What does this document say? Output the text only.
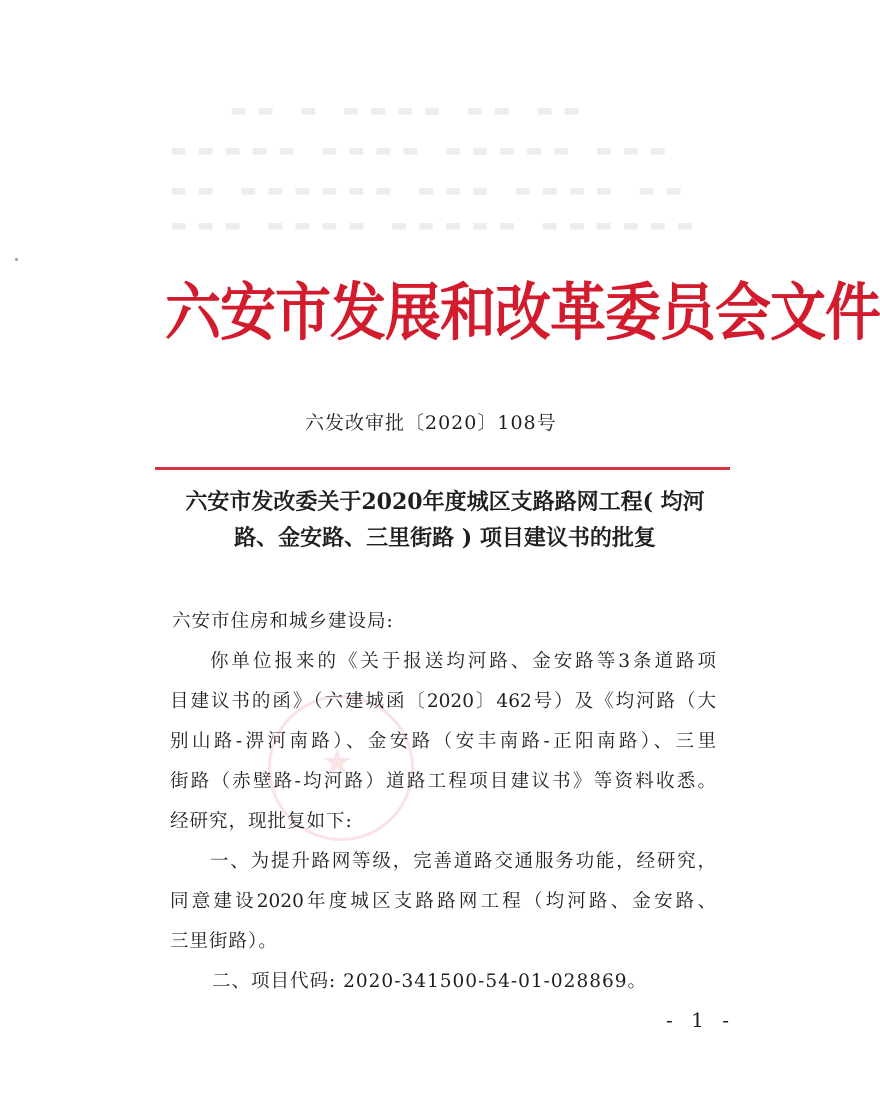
▬▬ ▬ ▬▬▬▬ ▬▬ ▬▬
▬▬▬▬▬ ▬▬▬▬ ▬▬▬▬▬ ▬▬▬
▬▬ ▬▬▬▬▬▬ ▬▬▬ ▬▬▬▬ ▬▬
▬▬▬ ▬▬▬▬ ▬▬▬▬▬ ▬▬▬▬▬▬
六安市发展和改革委员会文件
六发改审批〔2020〕108号
六安市发改委关于2020年度城区支路路网工程( 均河
路、金安路、三里街路 ) 项目建议书的批复
★
六安市住房和城乡建设局:
你单位报来的《关于报送均河路、金安路等3条道路项
目建议书的函》（六建城函〔2020〕462号）及《均河路（大
别山路-淠河南路）、金安路（安丰南路-正阳南路）、三里
街路（赤壁路-均河路）道路工程项目建议书》等资料收悉。
经研究，现批复如下:
一、为提升路网等级，完善道路交通服务功能，经研究，
同意建设2020年度城区支路路网工程（均河路、金安路、
三里街路）。
二、项目代码: 2020-341500-54-01-028869。
- 1 -
